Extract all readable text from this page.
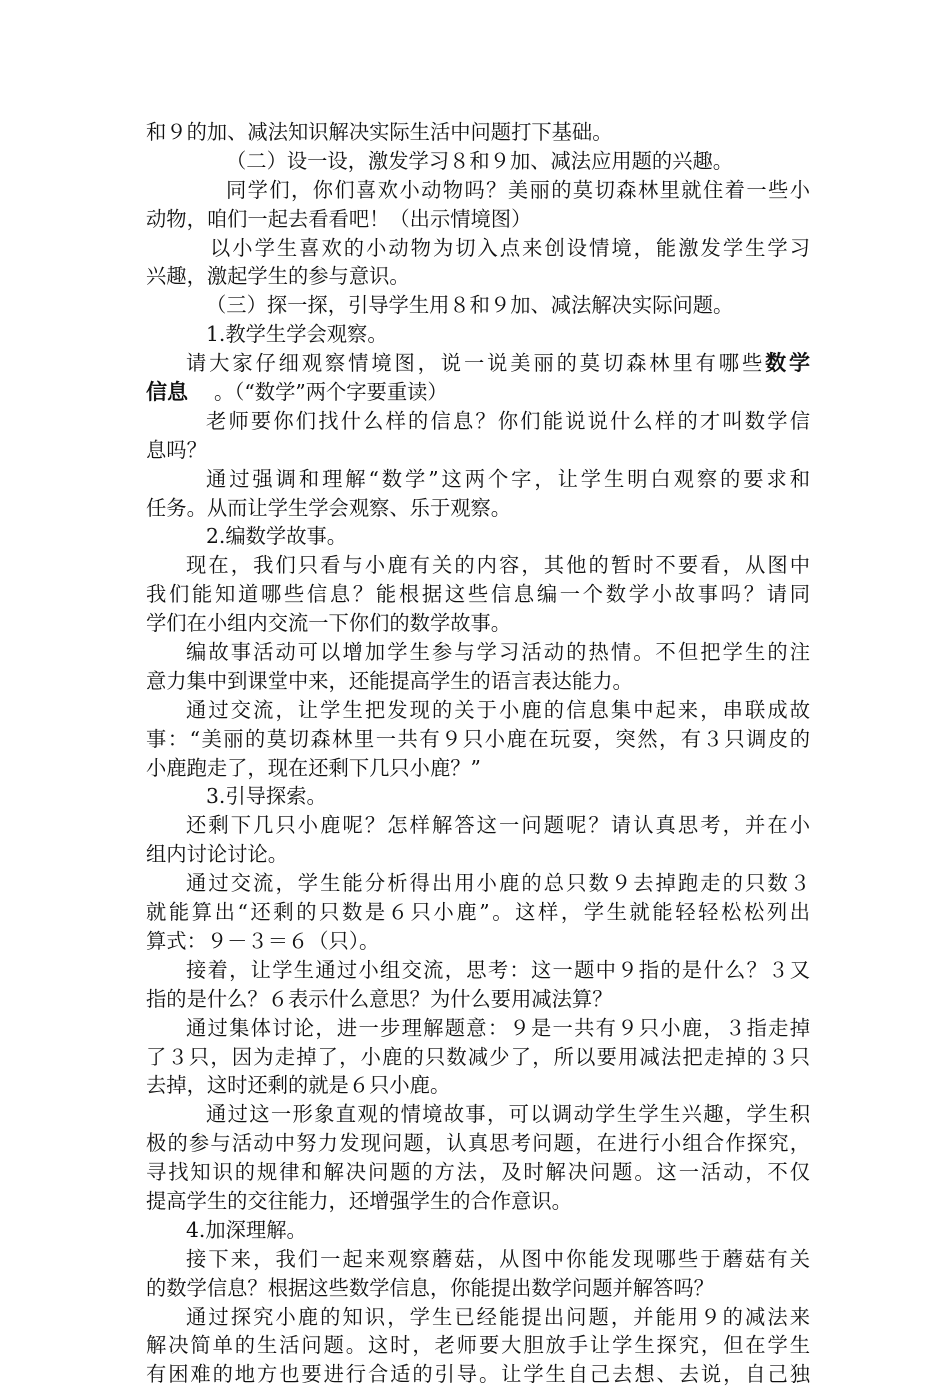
和９的加、减法知识解决实际生活中问题打下基础。
（二）设一设，激发学习８和９加、减法应用题的兴趣。
同学们，你们喜欢小动物吗？美丽的莫切森林里就住着一些小
动物，咱们一起去看看吧！（出示情境图）
以小学生喜欢的小动物为切入点来创设情境，能激发学生学习
兴趣，激起学生的参与意识。
（三）探一探，引导学生用８和９加、减法解决实际问题。
1.教学生学会观察。
请大家仔细观察情境图，说一说美丽的莫切森林里有哪些数学
信息 。（“数学”两个字要重读）
老师要你们找什么样的信息？你们能说说什么样的才叫数学信
息吗？
通过强调和理解“数学”这两个字，让学生明白观察的要求和
任务。从而让学生学会观察、乐于观察。
2.编数学故事。
现在，我们只看与小鹿有关的内容，其他的暂时不要看，从图中
我们能知道哪些信息？能根据这些信息编一个数学小故事吗？请同
学们在小组内交流一下你们的数学故事。
编故事活动可以增加学生参与学习活动的热情。不但把学生的注
意力集中到课堂中来，还能提高学生的语言表达能力。
通过交流，让学生把发现的关于小鹿的信息集中起来，串联成故
事：“美丽的莫切森林里一共有９只小鹿在玩耍，突然，有３只调皮的
小鹿跑走了，现在还剩下几只小鹿？”
3.引导探索。
还剩下几只小鹿呢？怎样解答这一问题呢？请认真思考，并在小
组内讨论讨论。
通过交流，学生能分析得出用小鹿的总只数９去掉跑走的只数３
就能算出“还剩的只数是６只小鹿”。这样，学生就能轻轻松松列出
算式：９－３＝６（只）。
接着，让学生通过小组交流，思考：这一题中９指的是什么？３又
指的是什么？６表示什么意思？为什么要用减法算？
通过集体讨论，进一步理解题意：９是一共有９只小鹿，３指走掉
了３只，因为走掉了，小鹿的只数减少了，所以要用减法把走掉的３只
去掉，这时还剩的就是６只小鹿。
通过这一形象直观的情境故事，可以调动学生学生兴趣，学生积
极的参与活动中努力发现问题，认真思考问题，在进行小组合作探究，
寻找知识的规律和解决问题的方法，及时解决问题。这一活动，不仅
提高学生的交往能力，还增强学生的合作意识。
4.加深理解。
接下来，我们一起来观察蘑菇，从图中你能发现哪些于蘑菇有关
的数学信息？根据这些数学信息，你能提出数学问题并解答吗？
通过探究小鹿的知识，学生已经能提出问题，并能用９的减法来
解决简单的生活问题。这时，老师要大胆放手让学生探究，但在学生
有困难的地方也要进行合适的引导。让学生自己去想、去说，自己独
